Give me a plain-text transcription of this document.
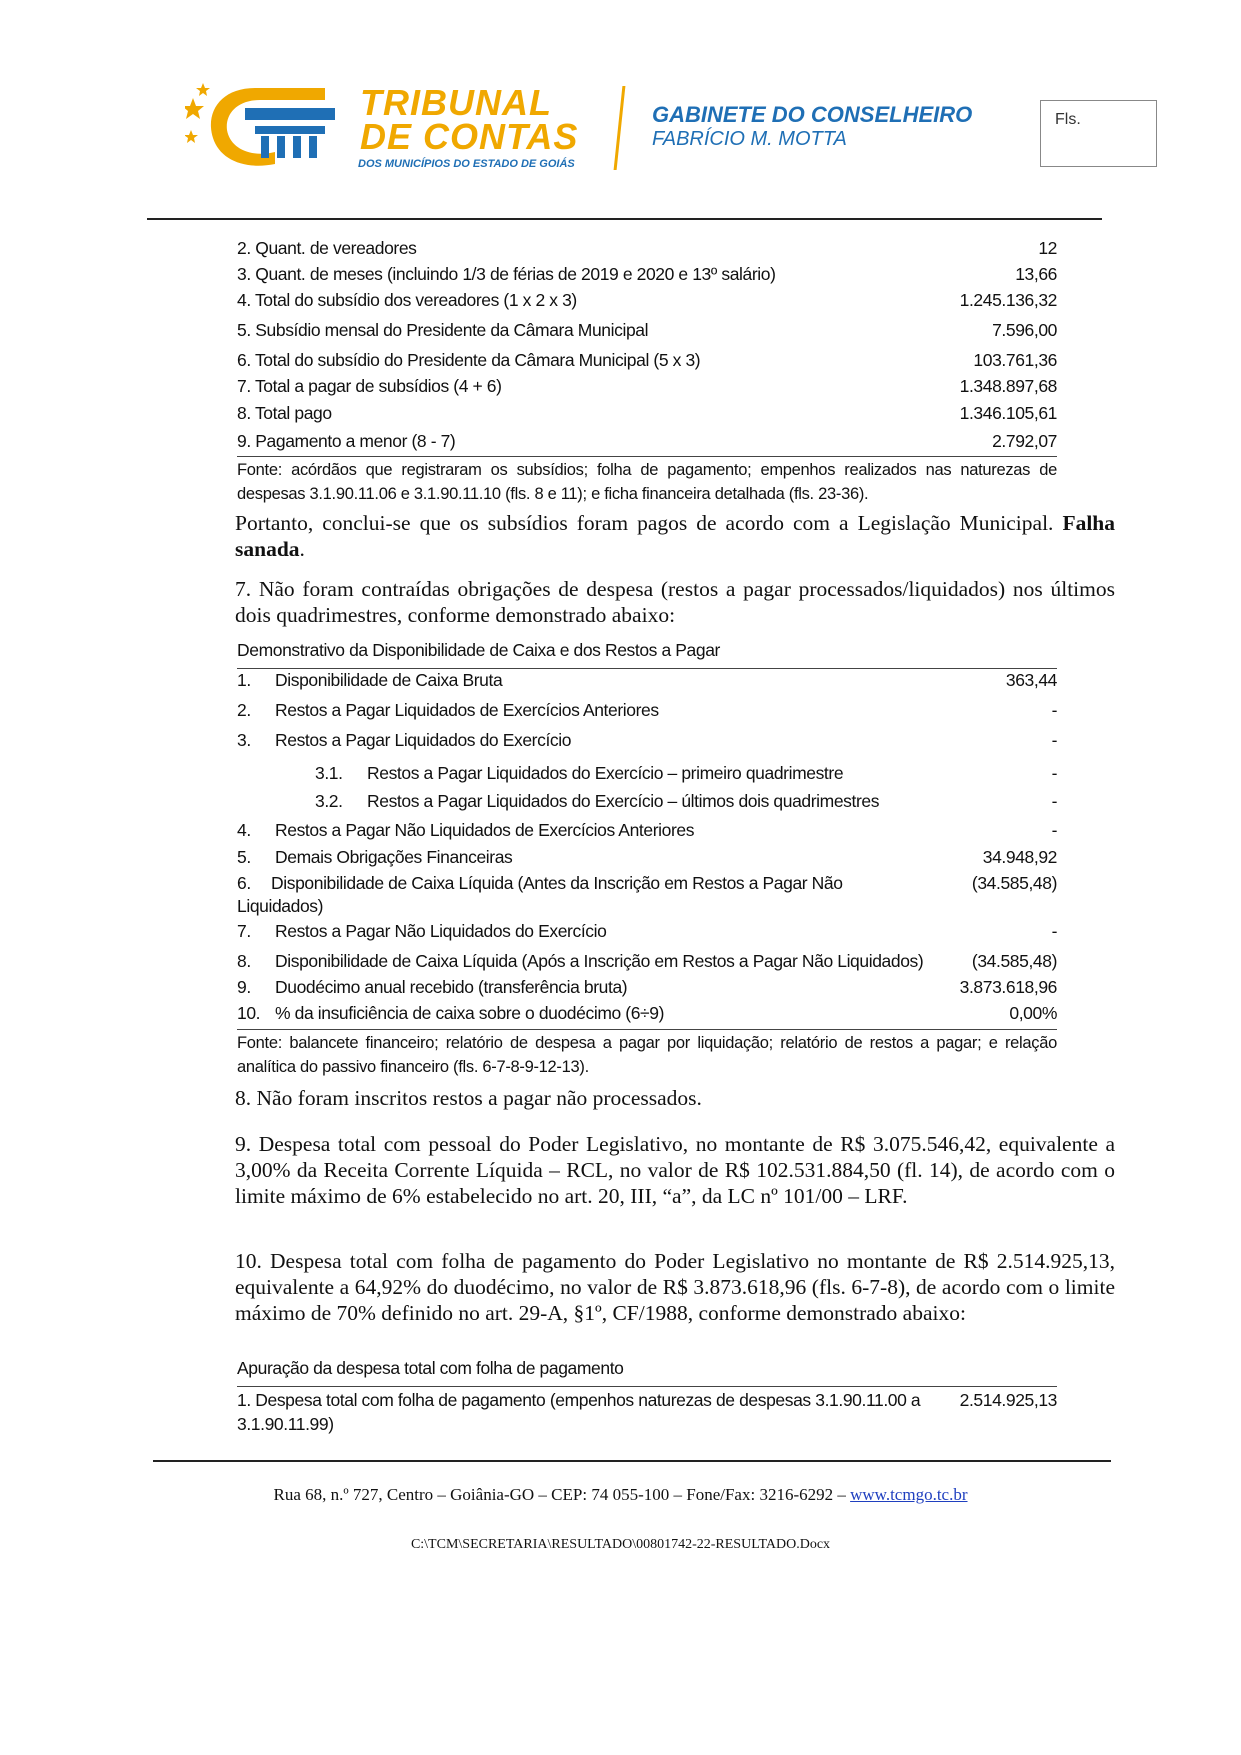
TRIBUNAL
DE CONTAS
DOS MUNICÍPIOS DO ESTADO DE GOIÁS
GABINETE DO CONSELHEIRO
FABRÍCIO M. MOTTA
Fls.
2. Quant. de vereadores	12
3. Quant. de meses (incluindo 1/3 de férias de 2019 e 2020 e 13º salário)	13,66
4. Total do subsídio dos vereadores (1 x 2 x 3)	1.245.136,32
5. Subsídio mensal do Presidente da Câmara Municipal	7.596,00
6. Total do subsídio do Presidente da Câmara Municipal (5 x 3)	103.761,36
7. Total a pagar de subsídios (4 + 6)	1.348.897,68
8. Total pago	1.346.105,61
9. Pagamento a menor (8 - 7)	2.792,07
Fonte: acórdãos que registraram os subsídios; folha de pagamento; empenhos realizados nas naturezas de despesas 3.1.90.11.06 e 3.1.90.11.10 (fls. 8 e 11); e ficha financeira detalhada (fls. 23-36).
Portanto, conclui-se que os subsídios foram pagos de acordo com a Legislação Municipal. Falha sanada.
7. Não foram contraídas obrigações de despesa (restos a pagar processados/liquidados) nos últimos dois quadrimestres, conforme demonstrado abaixo:
Demonstrativo da Disponibilidade de Caixa e dos Restos a Pagar
1. Disponibilidade de Caixa Bruta	363,44
2. Restos a Pagar Liquidados de Exercícios Anteriores	-
3. Restos a Pagar Liquidados do Exercício	-
3.1. Restos a Pagar Liquidados do Exercício – primeiro quadrimestre	-
3.2. Restos a Pagar Liquidados do Exercício – últimos dois quadrimestres	-
4. Restos a Pagar Não Liquidados de Exercícios Anteriores	-
5. Demais Obrigações Financeiras	34.948,92
6. Disponibilidade de Caixa Líquida (Antes da Inscrição em Restos a Pagar Não	(34.585,48)
Liquidados)
7. Restos a Pagar Não Liquidados do Exercício	-
8. Disponibilidade de Caixa Líquida (Após a Inscrição em Restos a Pagar Não Liquidados)	(34.585,48)
9. Duodécimo anual recebido (transferência bruta)	3.873.618,96
10. % da insuficiência de caixa sobre o duodécimo (6÷9)	0,00%
Fonte: balancete financeiro; relatório de despesa a pagar por liquidação; relatório de restos a pagar; e relação analítica do passivo financeiro (fls. 6-7-8-9-12-13).
8. Não foram inscritos restos a pagar não processados.
9. Despesa total com pessoal do Poder Legislativo, no montante de R$ 3.075.546,42, equivalente a 3,00% da Receita Corrente Líquida – RCL, no valor de R$ 102.531.884,50 (fl. 14), de acordo com o limite máximo de 6% estabelecido no art. 20, III, “a”, da LC nº 101/00 – LRF.
10. Despesa total com folha de pagamento do Poder Legislativo no montante de R$ 2.514.925,13, equivalente a 64,92% do duodécimo, no valor de R$ 3.873.618,96 (fls. 6-7-8), de acordo com o limite máximo de 70% definido no art. 29-A, §1º, CF/1988, conforme demonstrado abaixo:
Apuração da despesa total com folha de pagamento
1. Despesa total com folha de pagamento (empenhos naturezas de despesas 3.1.90.11.00 a 2.514.925,13
3.1.90.11.99)
Rua 68, n.º 727, Centro – Goiânia-GO – CEP: 74 055-100 – Fone/Fax: 3216-6292 – www.tcmgo.tc.br
C:\TCM\SECRETARIA\RESULTADO\00801742-22-RESULTADO.Docx
